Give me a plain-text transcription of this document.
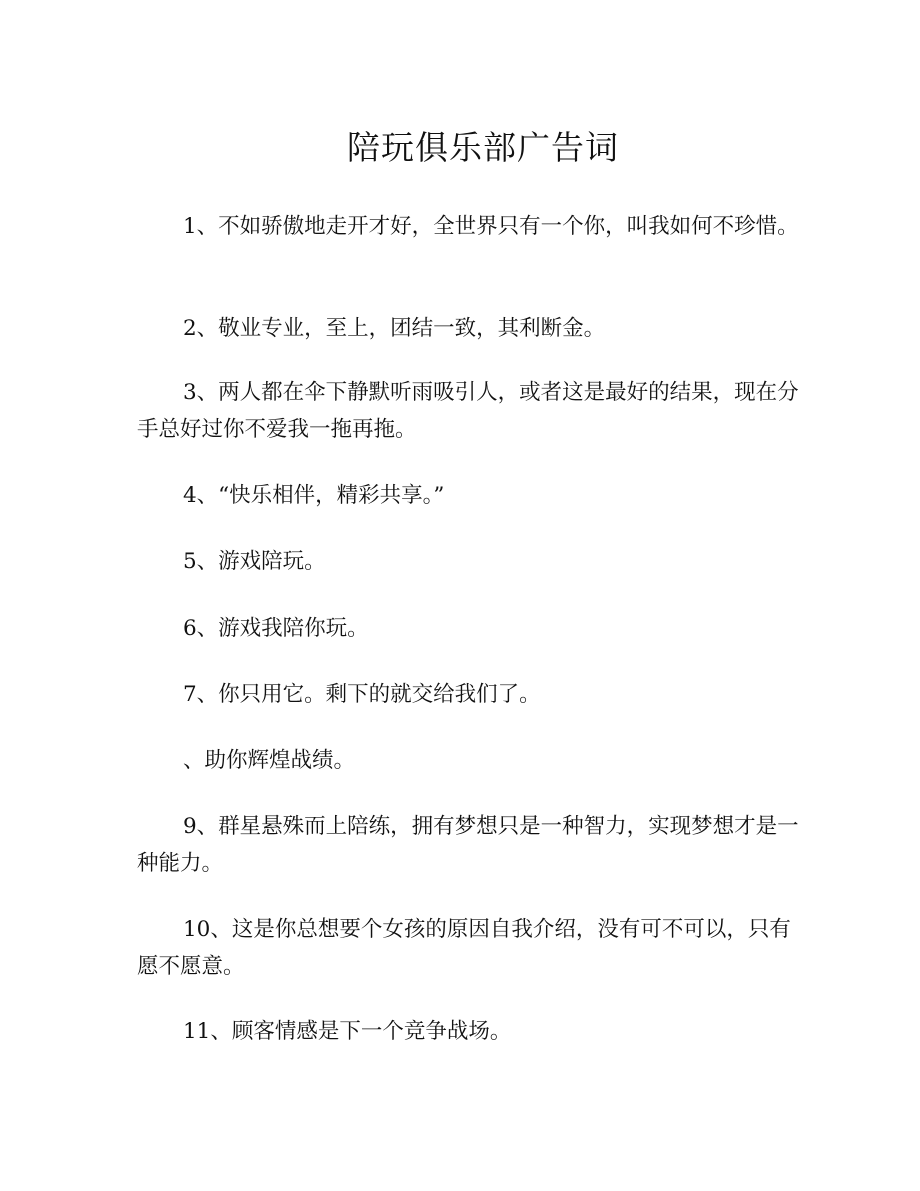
陪玩俱乐部广告词

1、不如骄傲地走开才好，全世界只有一个你，叫我如何不珍惜。

2、敬业专业，至上，团结一致，其利断金。

3、两人都在伞下静默听雨吸引人，或者这是最好的结果，现在分手总好过你不爱我一拖再拖。

4、“快乐相伴，精彩共享。”

5、游戏陪玩。

6、游戏我陪你玩。

7、你只用它。剩下的就交给我们了。

、助你辉煌战绩。

9、群星悬殊而上陪练，拥有梦想只是一种智力，实现梦想才是一种能力。

10、这是你总想要个女孩的原因自我介绍，没有可不可以，只有愿不愿意。

11、顾客情感是下一个竞争战场。
